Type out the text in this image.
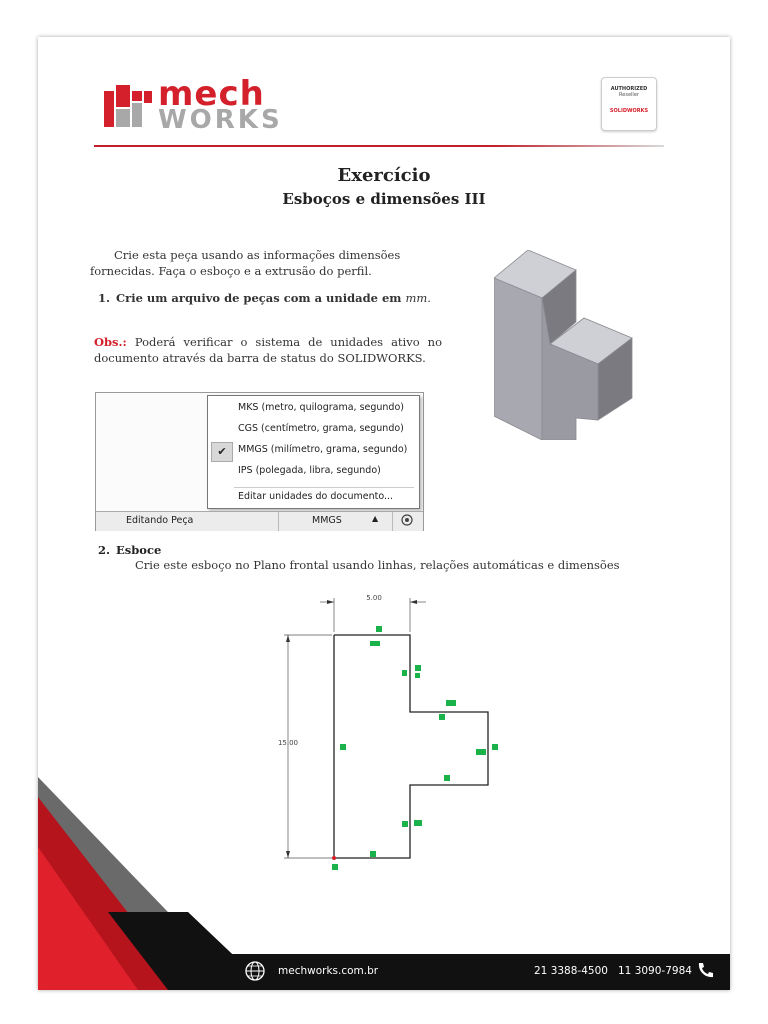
mech
WORKS
AUTHORIZED
Reseller
SOLIDWORKS
Exercício
Esboços e dimensões III
Crie esta peça usando as informações dimensões fornecidas. Faça o esboço e a extrusão do perfil.
1. Crie um arquivo de peças com a unidade em mm.
Obs.: Poderá verificar o sistema de unidades ativo no documento através da barra de status do SOLIDWORKS.
MKS (metro, quilograma, segundo)
CGS (centímetro, grama, segundo)
✔	MMGS (milímetro, grama, segundo)
IPS (polegada, libra, segundo)
Editar unidades do documento...
Editando Peça	MMGS	▲
2. Esboce
Crie este esboço no Plano frontal usando linhas, relações automáticas e dimensões
5.00
15.00
mechworks.com.br	21 3388-4500 11 3090-7984
